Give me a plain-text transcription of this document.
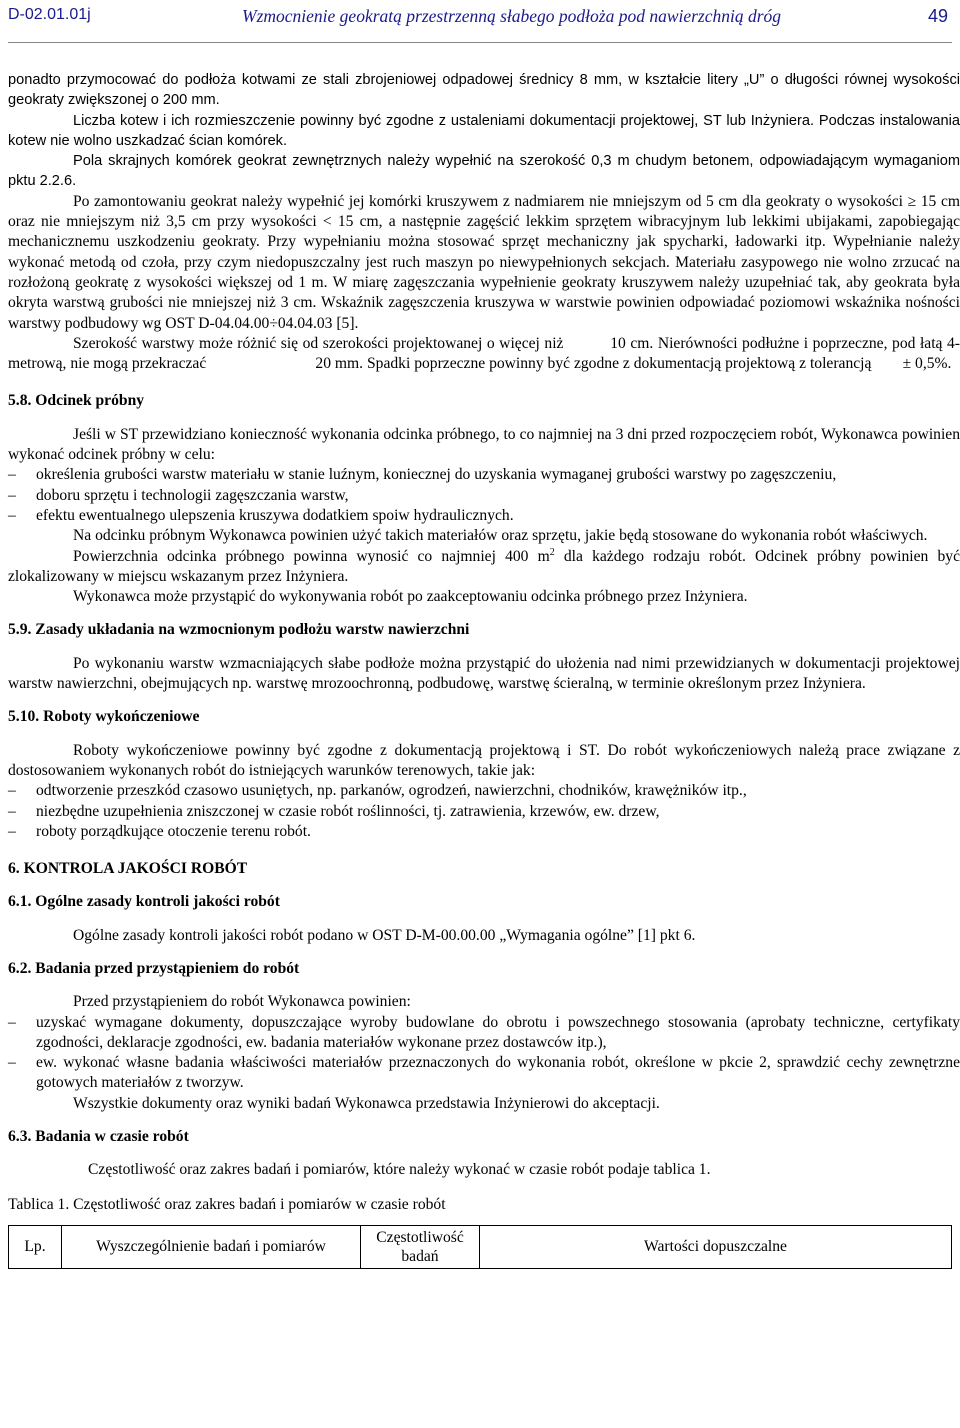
D-02.01.01j	Wzmocnienie geokratą przestrzenną słabego podłoża pod nawierzchnią dróg	49

ponadto przymocować do podłoża kotwami ze stali zbrojeniowej odpadowej średnicy 8 mm, w kształcie litery „U” o długości równej wysokości geokraty zwiększonej o 200 mm.

Liczba kotew i ich rozmieszczenie powinny być zgodne z ustaleniami dokumentacji projektowej, ST lub Inżyniera. Podczas instalowania kotew nie wolno uszkadzać ścian komórek.

Pola skrajnych komórek geokrat zewnętrznych należy wypełnić na szerokość 0,3 m chudym betonem, odpowiadającym wymaganiom pktu 2.2.6.

Po zamontowaniu geokrat należy wypełnić jej komórki kruszywem z nadmiarem nie mniejszym od 5 cm dla geokraty o wysokości ≥ 15 cm oraz nie mniejszym niż 3,5 cm przy wysokości < 15 cm, a następnie zagęścić lekkim sprzętem wibracyjnym lub lekkimi ubijakami, zapobiegając mechanicznemu uszkodzeniu geokraty. Przy wypełnianiu można stosować sprzęt mechaniczny jak spycharki, ładowarki itp. Wypełnianie należy wykonać metodą od czoła, przy czym niedopuszczalny jest ruch maszyn po niewypełnionych sekcjach. Materiału zasypowego nie wolno zrzucać na rozłożoną geokratę z wysokości większej od 1 m. W miarę zagęszczania wypełnienie geokraty kruszywem należy uzupełniać tak, aby geokrata była okryta warstwą grubości nie mniejszej niż 3 cm. Wskaźnik zagęszczenia kruszywa w warstwie powinien odpowiadać poziomowi wskaźnika nośności warstwy podbudowy wg OST D-04.04.00÷04.04.03 [5].

Szerokość warstwy może różnić się od szerokości projektowanej o więcej niż   10 cm. Nierówności podłużne i poprzeczne, pod łatą 4-metrową, nie mogą przekraczać       20 mm. Spadki poprzeczne powinny być zgodne z dokumentacją projektową z tolerancją  ± 0,5%.

5.8. Odcinek próbny

Jeśli w ST przewidziano konieczność wykonania odcinka próbnego, to co najmniej na 3 dni przed rozpoczęciem robót, Wykonawca powinien wykonać odcinek próbny w celu:

– określenia grubości warstw materiału w stanie luźnym, koniecznej do uzyskania wymaganej grubości warstwy po zagęszczeniu,
– doboru sprzętu i technologii zagęszczania warstw,
– efektu ewentualnego ulepszenia kruszywa dodatkiem spoiw hydraulicznych.

Na odcinku próbnym Wykonawca powinien użyć takich materiałów oraz sprzętu, jakie będą stosowane do wykonania robót właściwych.

Powierzchnia odcinka próbnego powinna wynosić co najmniej 400 $m^2$ dla każdego rodzaju robót. Odcinek próbny powinien być zlokalizowany w miejscu wskazanym przez Inżyniera.

Wykonawca może przystąpić do wykonywania robót po zaakceptowaniu odcinka próbnego przez Inżyniera.

5.9. Zasady układania na wzmocnionym podłożu warstw nawierzchni

Po wykonaniu warstw wzmacniających słabe podłoże można przystąpić do ułożenia nad nimi przewidzianych w dokumentacji projektowej warstw nawierzchni, obejmujących np. warstwę mrozoochronną, podbudowę, warstwę ścieralną, w terminie określonym przez Inżyniera.

5.10. Roboty wykończeniowe

Roboty wykończeniowe powinny być zgodne z dokumentacją projektową i ST. Do robót wykończeniowych należą prace związane z dostosowaniem wykonanych robót do istniejących warunków terenowych, takie jak:

– odtworzenie przeszkód czasowo usuniętych, np. parkanów, ogrodzeń, nawierzchni, chodników, krawężników itp.,
– niezbędne uzupełnienia zniszczonej w czasie robót roślinności, tj. zatrawienia, krzewów, ew. drzew,
– roboty porządkujące otoczenie terenu robót.

6. KONTROLA JAKOŚCI ROBÓT

6.1. Ogólne zasady kontroli jakości robót

Ogólne zasady kontroli jakości robót podano w OST D-M-00.00.00 „Wymagania ogólne” [1] pkt 6.

6.2. Badania przed przystąpieniem do robót

Przed przystąpieniem do robót Wykonawca powinien:

– uzyskać wymagane dokumenty, dopuszczające wyroby budowlane do obrotu i powszechnego stosowania (aprobaty techniczne, certyfikaty zgodności, deklaracje zgodności, ew. badania materiałów wykonane przez dostawców itp.),
– ew. wykonać własne badania właściwości materiałów przeznaczonych do wykonania robót, określone w pkcie 2, sprawdzić cechy zewnętrzne gotowych materiałów z tworzyw.

Wszystkie dokumenty oraz wyniki badań Wykonawca przedstawia Inżynierowi do akceptacji.

6.3. Badania w czasie robót

Częstotliwość oraz zakres badań i pomiarów, które należy wykonać w czasie robót podaje tablica 1.

Tablica 1. Częstotliwość oraz zakres badań i pomiarów w czasie robót

Lp.	Wyszczególnienie badań i pomiarów	Częstotliwość badań	Wartości dopuszczalne
